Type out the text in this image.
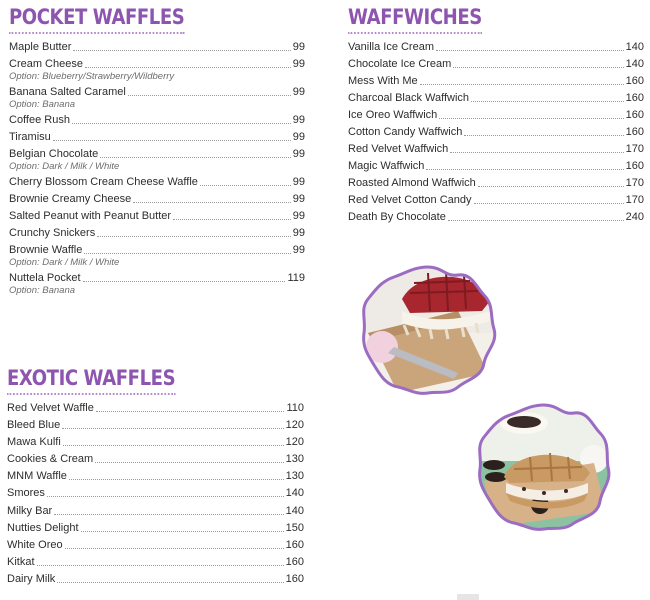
POCKET WAFFLES
Maple Butter	99
Cream Cheese	99
Option: Blueberry/Strawberry/Wildberry
Banana Salted Caramel	99
Option: Banana
Coffee Rush	99
Tiramisu	99
Belgian Chocolate	99
Option: Dark / Milk / White
Cherry Blossom Cream Cheese Waffle	99
Brownie Creamy Cheese	99
Salted Peanut with Peanut Butter	99
Crunchy Snickers	99
Brownie Waffle	99
Option: Dark / Milk / White
Nuttela Pocket	119
Option: Banana
WAFFWICHES
Vanilla Ice Cream	140
Chocolate Ice Cream	140
Mess With Me	160
Charcoal Black Waffwich	160
Ice Oreo Waffwich	160
Cotton Candy Waffwich	160
Red Velvet Waffwich	170
Magic Waffwich	160
Roasted Almond Waffwich	170
Red Velvet Cotton Candy	170
Death By Chocolate	240
EXOTIC WAFFLES
Red Velvet Waffle	110
Bleed Blue	120
Mawa Kulfi	120
Cookies & Cream	130
MNM Waffle	130
Smores	140
Milky Bar	140
Nutties Delight	150
White Oreo	160
Kitkat	160
Dairy Milk	160
